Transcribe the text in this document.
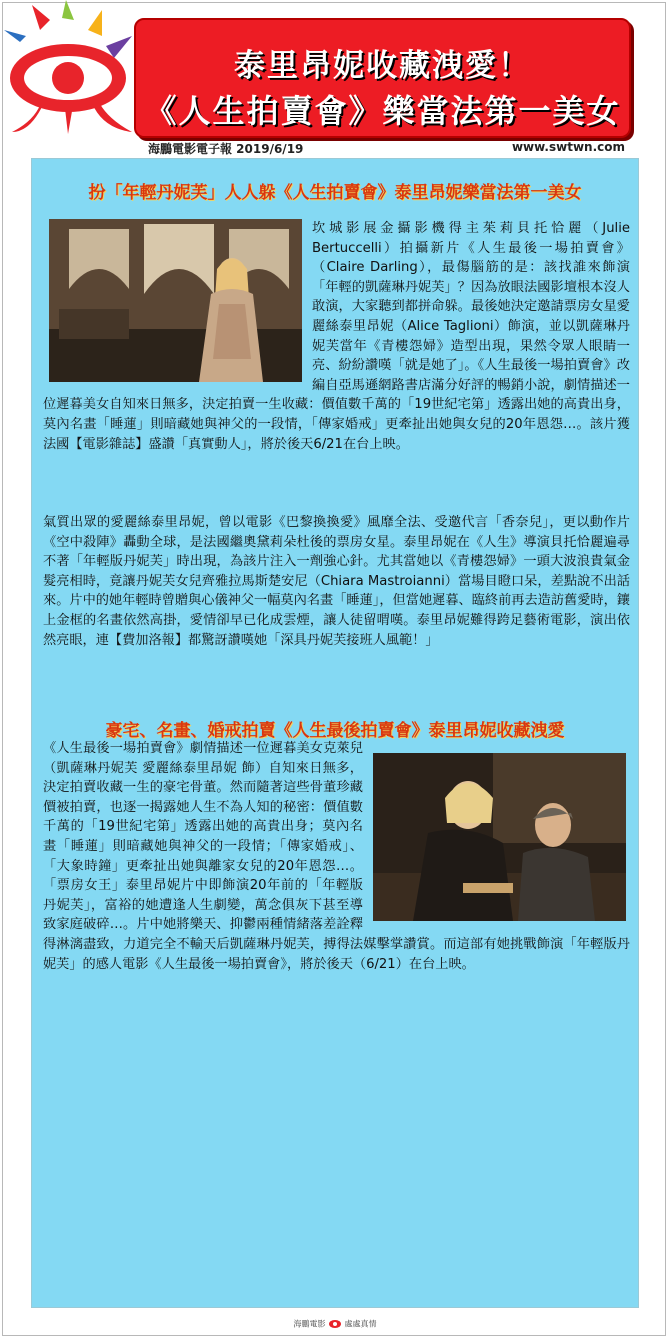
泰里昂妮收藏洩愛！
《人生拍賣會》樂當法第一美女
海鵬電影電子報 2019/6/19	www.swtwn.com
扮「年輕丹妮芙」人人躲《人生拍賣會》泰里昂妮樂當法第一美女
坎城影展金攝影機得主茱莉貝托恰麗（Julie Bertuccelli）拍攝新片《人生最後一場拍賣會》（Claire Darling），最傷腦筋的是：該找誰來飾演「年輕的凱薩琳丹妮芙」？因為放眼法國影壇根本沒人敢演，大家聽到都拼命躲。最後她決定邀請票房女星愛麗絲泰里昂妮（Alice Taglioni）飾演，並以凱薩琳丹妮芙當年《青樓怨婦》造型出現，果然令眾人眼睛一亮、紛紛讚嘆「就是她了」。《人生最後一場拍賣會》改編自亞馬遜網路書店滿分好評的暢銷小說，劇情描述一位遲暮美女自知來日無多，決定拍賣一生收藏：價值數千萬的「19世紀宅第」透露出她的高貴出身，莫內名畫「睡蓮」則暗藏她與神父的一段情，「傳家婚戒」更牽扯出她與女兒的20年恩怨…。該片獲法國【電影雜誌】盛讚「真實動人」，將於後天6/21在台上映。
氣質出眾的愛麗絲泰里昂妮，曾以電影《巴黎換換愛》風靡全法、受邀代言「香奈兒」，更以動作片《空中殺陣》轟動全球，是法國繼奧黛莉朵杜後的票房女星。泰里昂妮在《人生》導演貝托恰麗遍尋不著「年輕版丹妮芙」時出現，為該片注入一劑強心針。尤其當她以《青樓怨婦》一頭大波浪貴氣金髮亮相時，竟讓丹妮芙女兒齊雅拉馬斯楚安尼（Chiara Mastroianni）當場目瞪口呆，差點說不出話來。片中的她年輕時曾贈與心儀神父一幅莫內名畫「睡蓮」，但當她遲暮、臨終前再去造訪舊愛時，鑲上金框的名畫依然高掛，愛情卻早已化成雲煙，讓人徒留喟嘆。泰里昂妮難得跨足藝術電影，演出依然亮眼，連【費加洛報】都驚訝讚嘆她「深具丹妮芙接班人風範！」
豪宅、名畫、婚戒拍賣《人生最後拍賣會》泰里昂妮收藏洩愛
《人生最後一場拍賣會》劇情描述一位遲暮美女克萊兒（凱薩琳丹妮芙 愛麗絲泰里昂妮 飾）自知來日無多，決定拍賣收藏一生的豪宅骨董。然而隨著這些骨董珍藏價被拍賣，也逐一揭露她人生不為人知的秘密：價值數千萬的「19世紀宅第」透露出她的高貴出身；莫內名畫「睡蓮」則暗藏她與神父的一段情；「傳家婚戒」、「大象時鐘」更牽扯出她與離家女兒的20年恩怨…。「票房女王」泰里昂妮片中即飾演20年前的「年輕版丹妮芙」，富裕的她遭逢人生劇變，萬念俱灰下甚至導致家庭破碎…。片中她將樂天、抑鬱兩種情緒落差詮釋得淋漓盡致，力道完全不輸天后凱薩琳丹妮芙，搏得法媒擊掌讚賞。而這部有她挑戰飾演「年輕版丹妮芙」的感人電影《人生最後一場拍賣會》，將於後天（6/21）在台上映。
海鵬電影 處處真情
